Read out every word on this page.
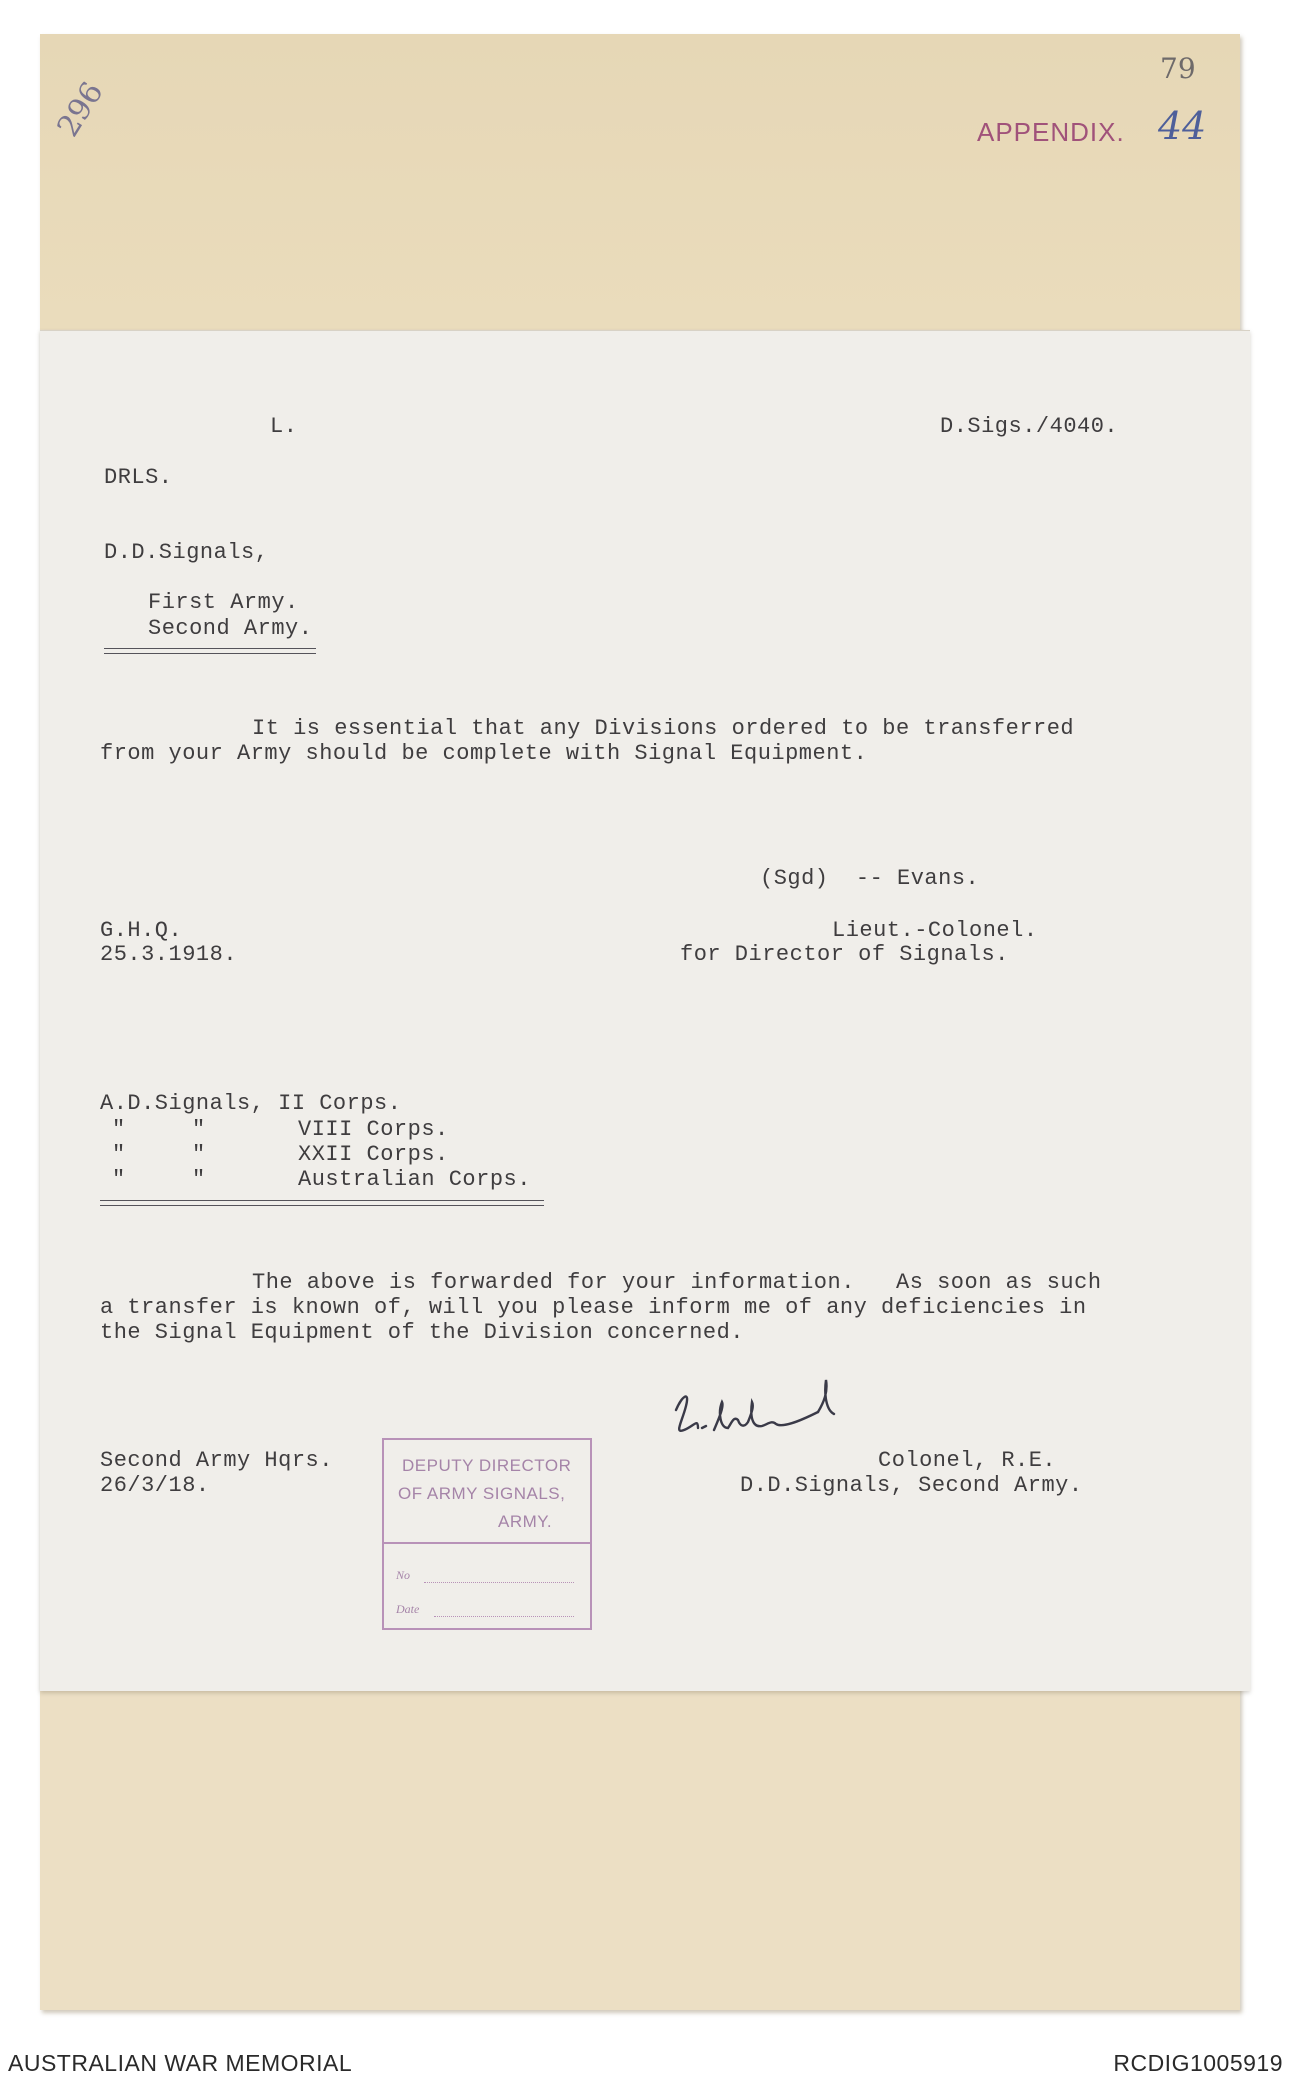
296
79
APPENDIX. 44
L.	D.Sigs./4040.
DRLS.
D.D.Signals,
First Army.
Second Army.
It is essential that any Divisions ordered to be transferred
from your Army should be complete with Signal Equipment.
(Sgd)  -- Evans.
G.H.Q.
25.3.1918.
Lieut.-Colonel.
for Director of Signals.
A.D.Signals, II Corps.
"	"	VIII Corps.
"	"	XXII Corps.
"	"	Australian Corps.
The above is forwarded for your information.   As soon as such
a transfer is known of, will you please inform me of any deficiencies in
the Signal Equipment of the Division concerned.
Second Army Hqrs.
26/3/18.
Colonel, R.E.
D.D.Signals, Second Army.
DEPUTY DIRECTOR
OF ARMY SIGNALS,
ARMY.
No
Date
AUSTRALIAN WAR MEMORIAL	RCDIG1005919
